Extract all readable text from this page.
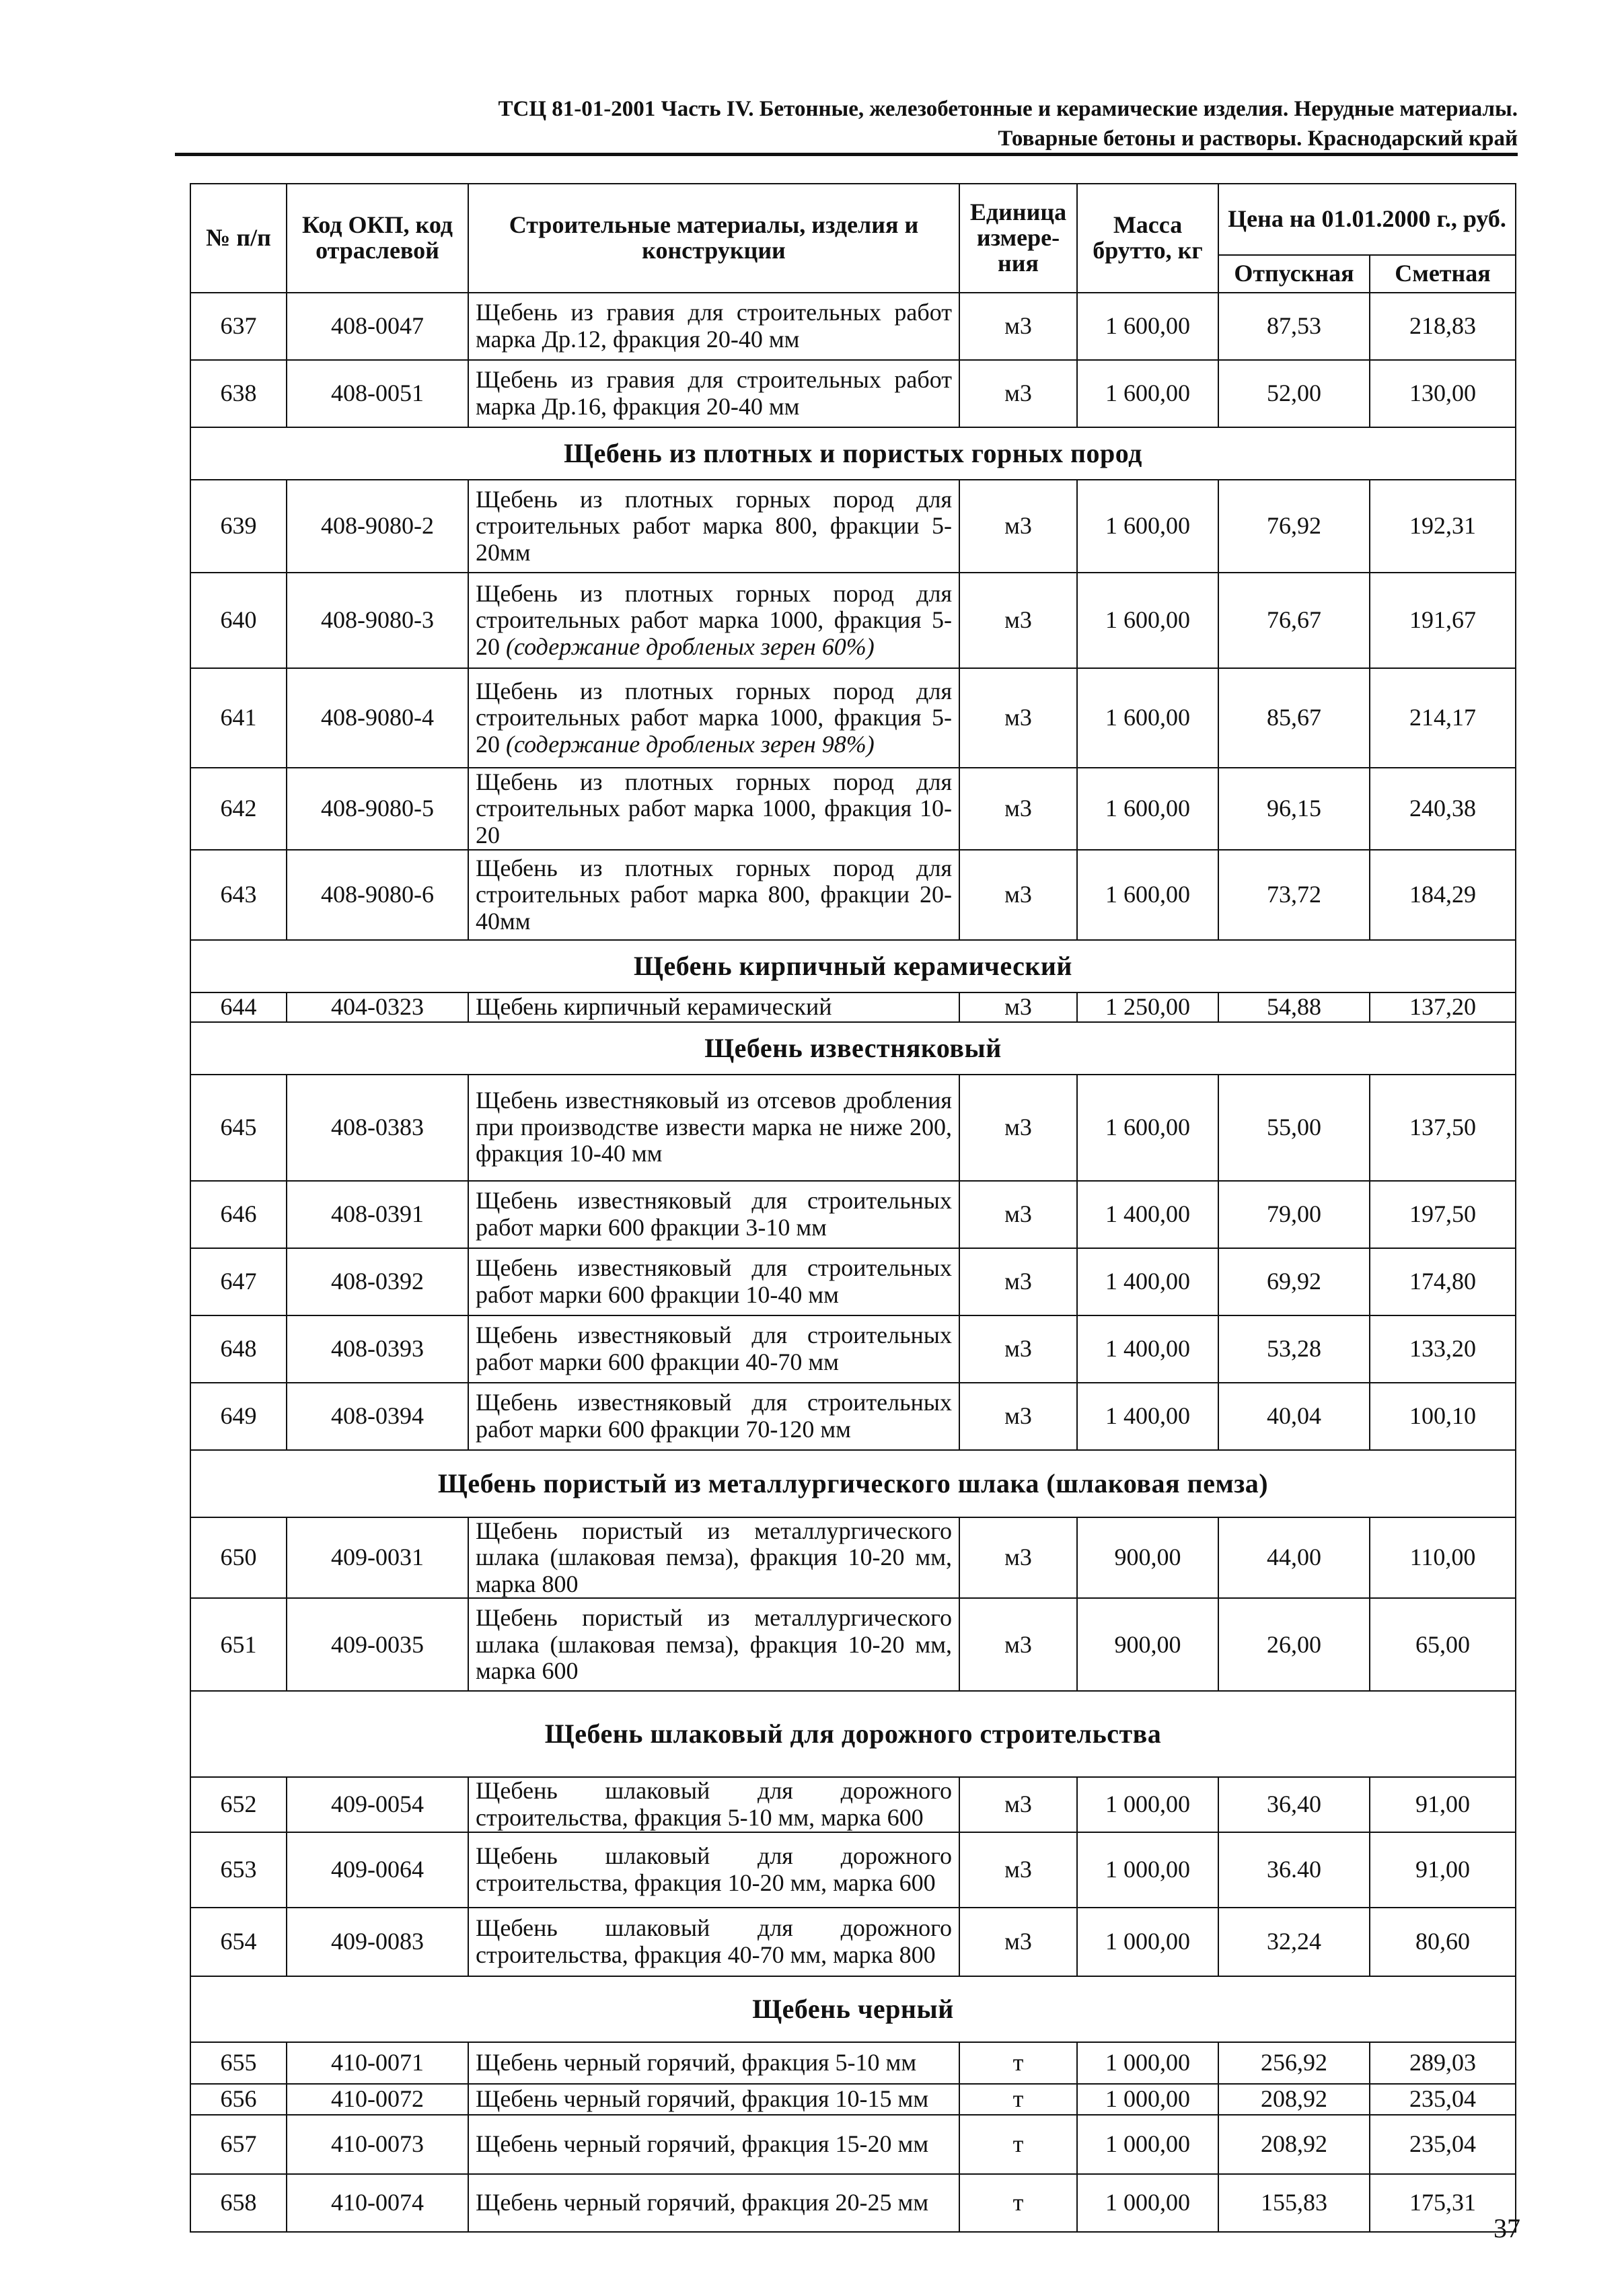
ТСЦ 81-01-2001 Часть IV. Бетонные, железобетонные и керамические изделия. Нерудные материалы.
Товарные бетоны и растворы. Краснодарский край
№ п/п	Код ОКП, код отраслевой	Строительные материалы, изделия и конструкции	Единица измере-ния	Масса брутто, кг	Цена на 01.01.2000 г., руб.	
					Отпускная	Сметная
637	408-0047	Щебень из гравия для строительных работ марка Др.12, фракция 20-40 мм	м3	1 600,00	87,53	218,83
638	408-0051	Щебень из гравия для строительных работ марка Др.16, фракция 20-40 мм	м3	1 600,00	52,00	130,00
Щебень из плотных и пористых горных пород						
639	408-9080-2	Щебень из плотных горных пород для строительных работ марка 800, фракции 5-20мм	м3	1 600,00	76,92	192,31
640	408-9080-3	Щебень из плотных горных пород для строительных работ марка 1000, фракция 5-20 (содержание дробленых зерен 60%)	м3	1 600,00	76,67	191,67
641	408-9080-4	Щебень из плотных горных пород для строительных работ марка 1000, фракция 5-20 (содержание дробленых зерен 98%)	м3	1 600,00	85,67	214,17
642	408-9080-5	Щебень из плотных горных пород для строительных работ марка 1000, фракция 10-20	м3	1 600,00	96,15	240,38
643	408-9080-6	Щебень из плотных горных пород для строительных работ марка 800, фракции 20-40мм	м3	1 600,00	73,72	184,29
Щебень кирпичный керамический						
644	404-0323	Щебень кирпичный керамический	м3	1 250,00	54,88	137,20
Щебень известняковый						
645	408-0383	Щебень известняковый из отсевов дробления при производстве извести марка не ниже 200, фракция 10-40 мм	м3	1 600,00	55,00	137,50
646	408-0391	Щебень известняковый для строительных работ марки 600 фракции 3-10 мм	м3	1 400,00	79,00	197,50
647	408-0392	Щебень известняковый для строительных работ марки 600 фракции 10-40 мм	м3	1 400,00	69,92	174,80
648	408-0393	Щебень известняковый для строительных работ марки 600 фракции 40-70 мм	м3	1 400,00	53,28	133,20
649	408-0394	Щебень известняковый для строительных работ марки 600 фракции 70-120 мм	м3	1 400,00	40,04	100,10
Щебень пористый из металлургического шлака (шлаковая пемза)						
650	409-0031	Щебень пористый из металлургического шлака (шлаковая пемза), фракция 10-20 мм, марка 800	м3	900,00	44,00	110,00
651	409-0035	Щебень пористый из металлургического шлака (шлаковая пемза), фракция 10-20 мм, марка 600	м3	900,00	26,00	65,00
Щебень шлаковый для дорожного строительства						
652	409-0054	Щебень шлаковый для дорожного строительства, фракция 5-10 мм, марка 600	м3	1 000,00	36,40	91,00
653	409-0064	Щебень шлаковый для дорожного строительства, фракция 10-20 мм, марка 600	м3	1 000,00	36.40	91,00
654	409-0083	Щебень шлаковый для дорожного строительства, фракция 40-70 мм, марка 800	м3	1 000,00	32,24	80,60
Щебень черный						
655	410-0071	Щебень черный горячий, фракция 5-10 мм	т	1 000,00	256,92	289,03
656	410-0072	Щебень черный горячий, фракция 10-15 мм	т	1 000,00	208,92	235,04
657	410-0073	Щебень черный горячий, фракция 15-20 мм	т	1 000,00	208,92	235,04
658	410-0074	Щебень черный горячий, фракция 20-25 мм	т	1 000,00	155,83	175,31
37
